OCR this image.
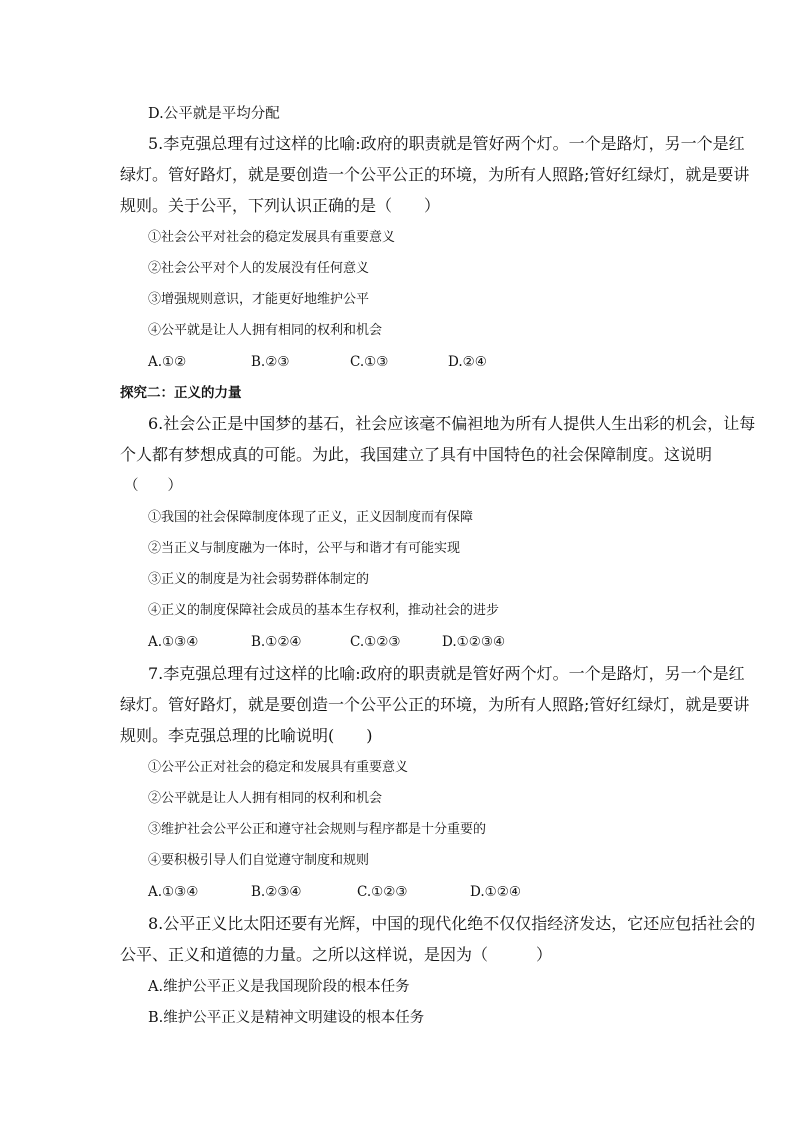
D.公平就是平均分配
5.李克强总理有过这样的比喻:政府的职责就是管好两个灯。一个是路灯，另一个是红
绿灯。管好路灯，就是要创造一个公平公正的环境，为所有人照路;管好红绿灯，就是要讲
规则。关于公平，下列认识正确的是（　　）
①社会公平对社会的稳定发展具有重要意义
②社会公平对个人的发展没有任何意义
③增强规则意识，才能更好地维护公平
④公平就是让人人拥有相同的权利和机会
A.①②	B.②③	C.①③	D.②④
探究二：正义的力量
6.社会公正是中国梦的基石，社会应该毫不偏袒地为所有人提供人生出彩的机会，让每
个人都有梦想成真的可能。为此，我国建立了具有中国特色的社会保障制度。这说明
（　　）
①我国的社会保障制度体现了正义，正义因制度而有保障
②当正义与制度融为一体时，公平与和谐才有可能实现
③正义的制度是为社会弱势群体制定的
④正义的制度保障社会成员的基本生存权利，推动社会的进步
A.①③④	B.①②④	C.①②③	D.①②③④
7.李克强总理有过这样的比喻:政府的职责就是管好两个灯。一个是路灯，另一个是红
绿灯。管好路灯，就是要创造一个公平公正的环境，为所有人照路;管好红绿灯，就是要讲
规则。李克强总理的比喻说明(　　)
①公平公正对社会的稳定和发展具有重要意义
②公平就是让人人拥有相同的权利和机会
③维护社会公平公正和遵守社会规则与程序都是十分重要的
④要积极引导人们自觉遵守制度和规则
A.①③④	B.②③④	C.①②③	D.①②④
8.公平正义比太阳还要有光辉，中国的现代化绝不仅仅指经济发达，它还应包括社会的
公平、正义和道德的力量。之所以这样说，是因为（　　　）
A.维护公平正义是我国现阶段的根本任务
B.维护公平正义是精神文明建设的根本任务
